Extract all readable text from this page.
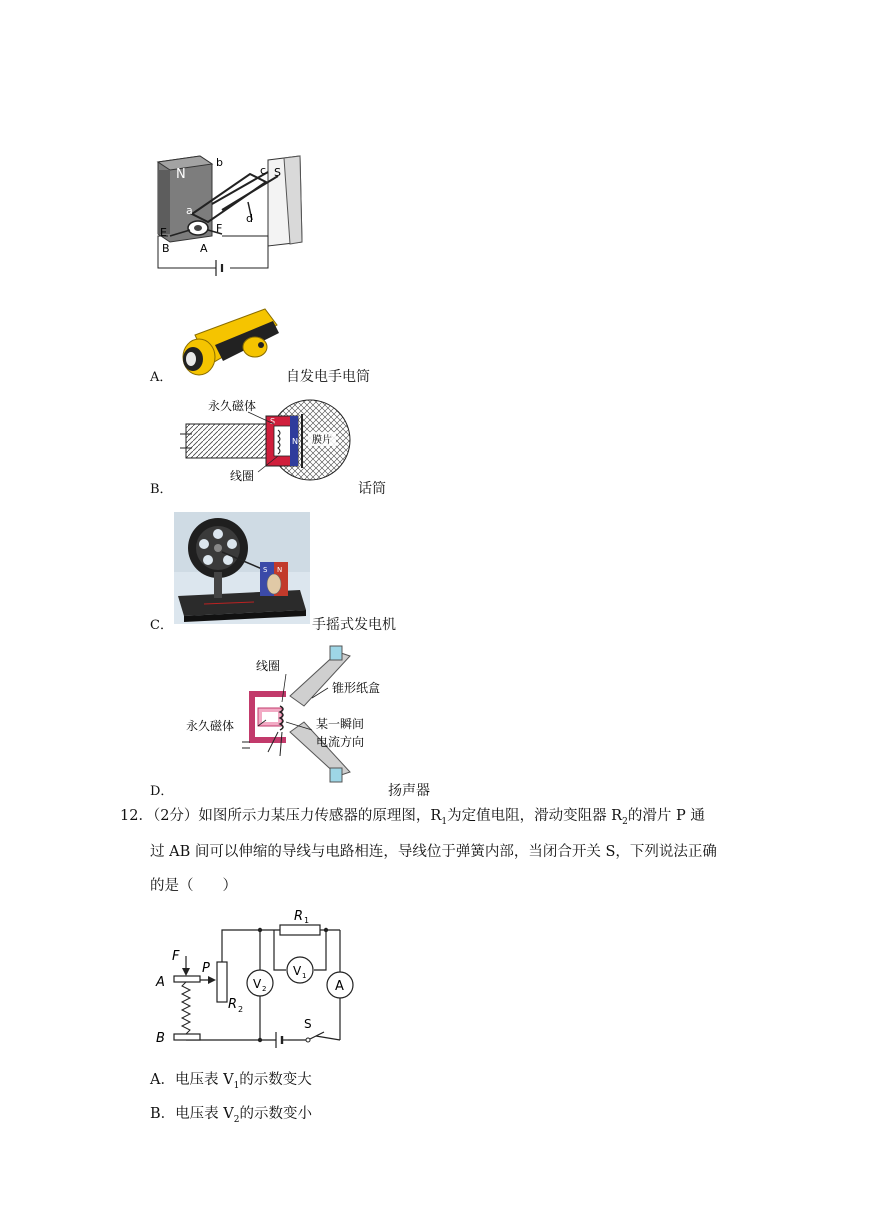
N
b
c S
a
d
E	F
B	A
A．	自发电手电筒
B．
膜片
N
S
永久磁体
线圈
话筒
C．
S N
手摇式发电机
D．
线圈
锥形纸盒
永久磁体	某一瞬间
电流方向
扬声器
12．（2分）如图所示力某压力传感器的原理图，$R_1$为定值电阻，滑动变阻器 $R_2$的滑片 P 通
过 AB 间可以伸缩的导线与电路相连，导线位于弹簧内部，当闭合开关 S，下列说法正确
的是（　　）
R 1
V 1
V 2	A
R 2
P
F
A
B
S
A．电压表 $V_1$的示数变大
B．电压表 $V_2$的示数变小
